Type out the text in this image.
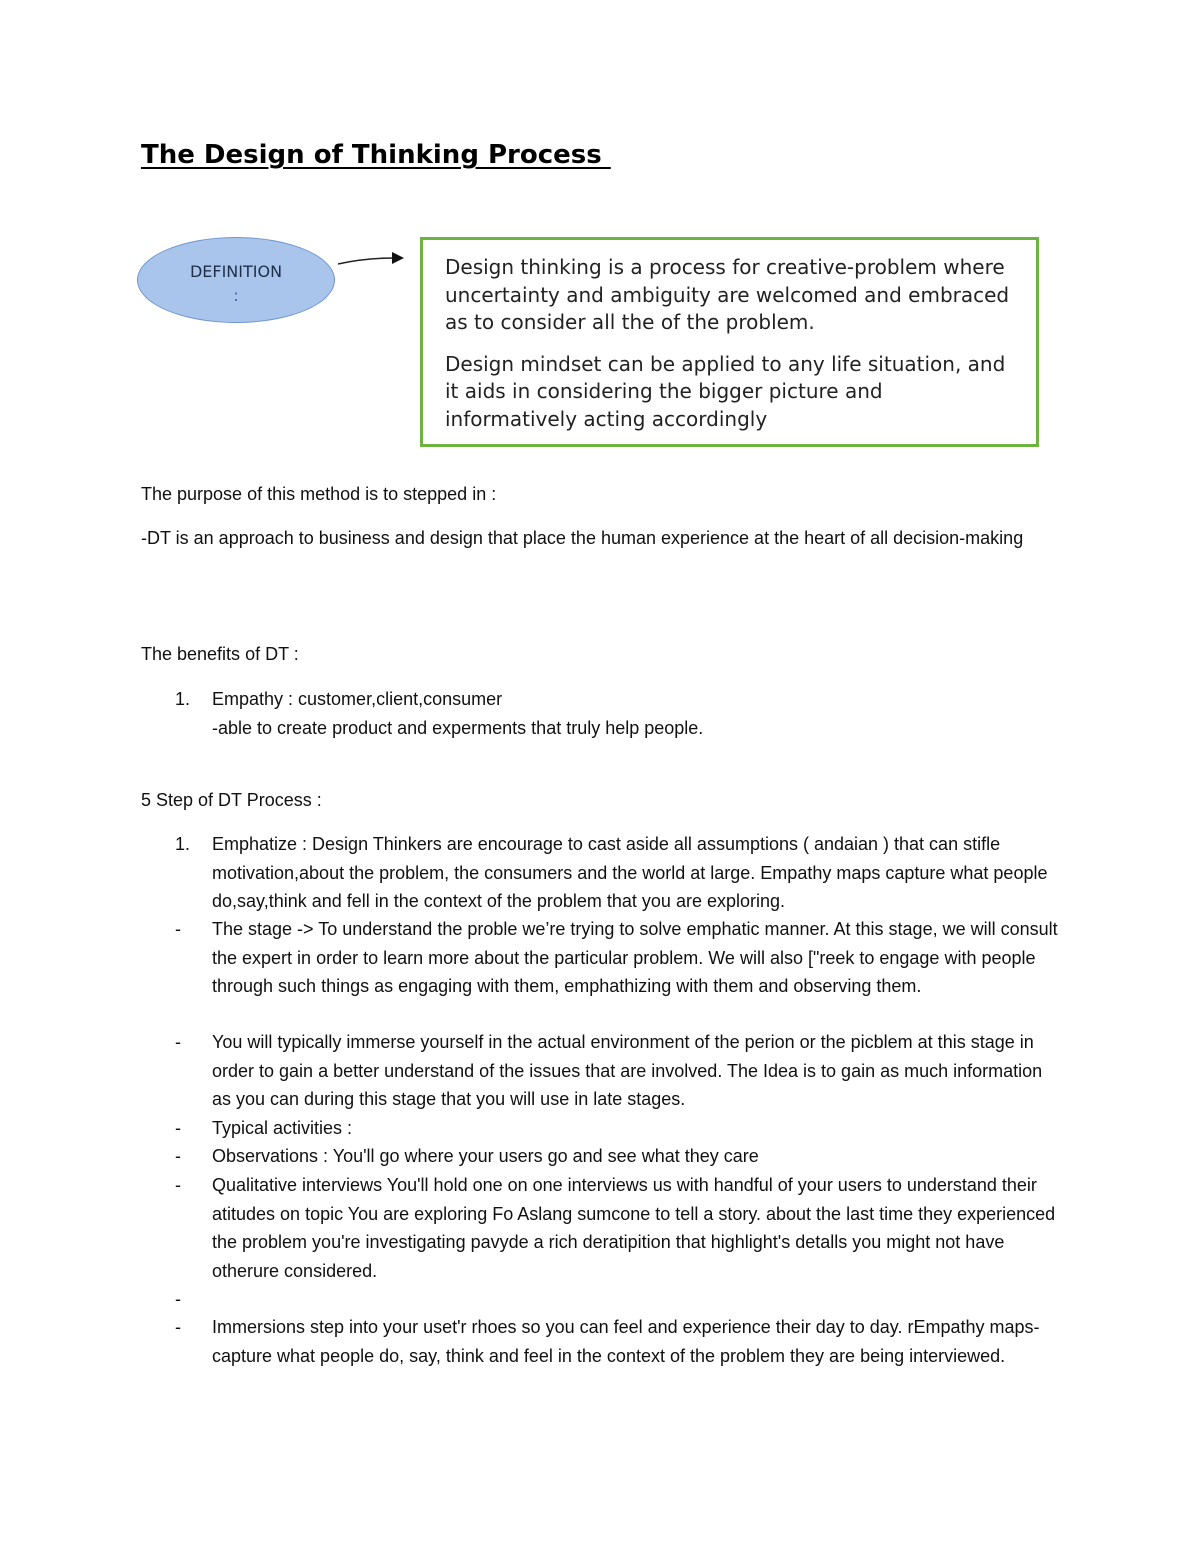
The Design of Thinking Process
DEFINITION
:

Design thinking is a process for creative-problem where uncertainty and ambiguity are welcomed and embraced as to consider all the of the problem.

Design mindset can be applied to any life situation, and it aids in considering the bigger picture and informatively acting accordingly

The purpose of this method is to stepped in :
-DT is an approach to business and design that place the human experience at the heart of all decision-making
The benefits of DT :
1.	Empathy : customer,client,consumer
-able to create product and experments that truly help people.
5 Step of DT Process :
1.	Emphatize : Design Thinkers are encourage to cast aside all assumptions ( andaian ) that can stifle motivation,about the problem, the consumers and the world at large. Empathy maps capture what people do,say,think and fell in the context of the problem that you are exploring.
-	The stage -> To understand the proble we’re trying to solve emphatic manner. At this stage, we will consult the expert in order to learn more about the particular problem. We will also ["reek to engage with people through such things as engaging with them, emphathizing with them and observing them.
-	You will typically immerse yourself in the actual environment of the perion or the picblem at this stage in order to gain a better understand of the issues that are involved. The Idea is to gain as much information as you can during this stage that you will use in late stages.
-	Typical activities :
-	Observations : You'll go where your users go and see what they care
-	Qualitative interviews You'll hold one on one interviews us with handful of your users to understand their atitudes on topic You are exploring Fo Aslang sumcone to tell a story. about the last time they experienced the problem you're investigating pavyde a rich deratipition that highlight's detalls you might not have otherure considered.
-
-	Immersions step into your uset'r rhoes so you can feel and experience their day to day. rEmpathy maps- capture what people do, say, think and feel in the context of the problem they are being interviewed.
